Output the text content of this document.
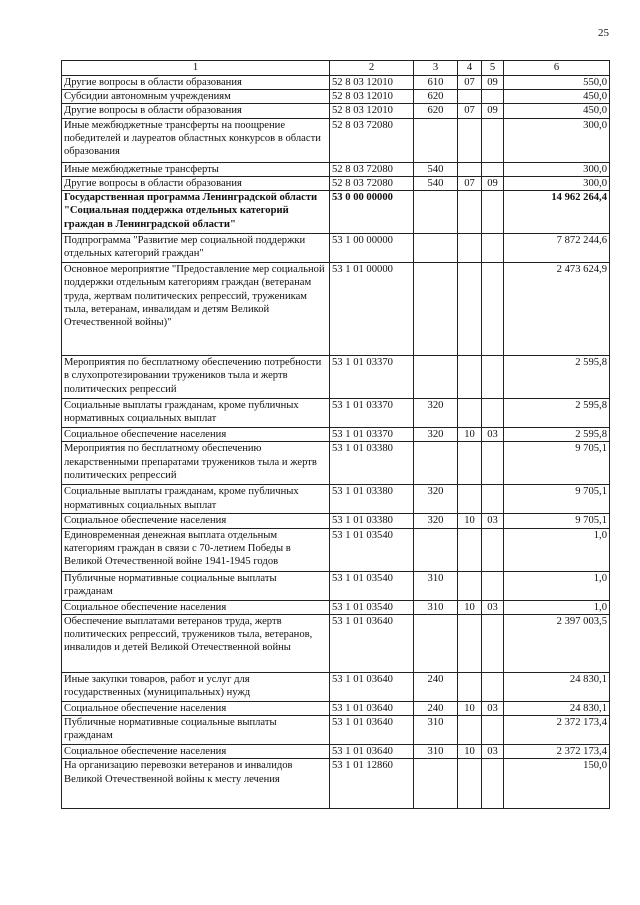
25
1	2	3	4	5	6
Другие вопросы в области образования	52 8 03 12010	610	07	09	550,0
Субсидии автономным учреждениям	52 8 03 12010	620			450,0
Другие вопросы в области образования	52 8 03 12010	620	07	09	450,0
Иные межбюджетные трансферты на поощрение победителей и лауреатов областных конкурсов в области образования	52 8 03 72080				300,0
Иные межбюджетные трансферты	52 8 03 72080	540			300,0
Другие вопросы в области образования	52 8 03 72080	540	07	09	300,0
Государственная программа Ленинградской области "Социальная поддержка отдельных категорий граждан в Ленинградской области"	53 0 00 00000				14 962 264,4
Подпрограмма "Развитие мер социальной поддержки отдельных категорий граждан"	53 1 00 00000				7 872 244,6
Основное мероприятие "Предоставление мер социальной поддержки отдельным категориям граждан (ветеранам труда, жертвам политических репрессий, труженикам тыла, ветеранам, инвалидам и детям Великой Отечественной войны)"	53 1 01 00000				2 473 624,9
Мероприятия по бесплатному обеспечению потребности в слухопротезировании тружеников тыла и жертв политических репрессий	53 1 01 03370				2 595,8
Социальные выплаты гражданам, кроме публичных нормативных социальных выплат	53 1 01 03370	320			2 595,8
Социальное обеспечение населения	53 1 01 03370	320	10	03	2 595,8
Мероприятия по бесплатному обеспечению лекарственными препаратами тружеников тыла и жертв политических репрессий	53 1 01 03380				9 705,1
Социальные выплаты гражданам, кроме публичных нормативных социальных выплат	53 1 01 03380	320			9 705,1
Социальное обеспечение населения	53 1 01 03380	320	10	03	9 705,1
Единовременная денежная выплата отдельным категориям граждан в связи с 70-летием Победы в Великой Отечественной войне 1941-1945 годов	53 1 01 03540				1,0
Публичные нормативные социальные выплаты гражданам	53 1 01 03540	310			1,0
Социальное обеспечение населения	53 1 01 03540	310	10	03	1,0
Обеспечение выплатами ветеранов труда, жертв политических репрессий, тружеников тыла, ветеранов, инвалидов и детей Великой Отечественной войны	53 1 01 03640				2 397 003,5
Иные закупки товаров, работ и услуг для государственных (муниципальных) нужд	53 1 01 03640	240			24 830,1
Социальное обеспечение населения	53 1 01 03640	240	10	03	24 830,1
Публичные нормативные социальные выплаты гражданам	53 1 01 03640	310			2 372 173,4
Социальное обеспечение населения	53 1 01 03640	310	10	03	2 372 173,4
На организацию перевозки ветеранов и инвалидов Великой Отечественной войны к месту лечения	53 1 01 12860				150,0
